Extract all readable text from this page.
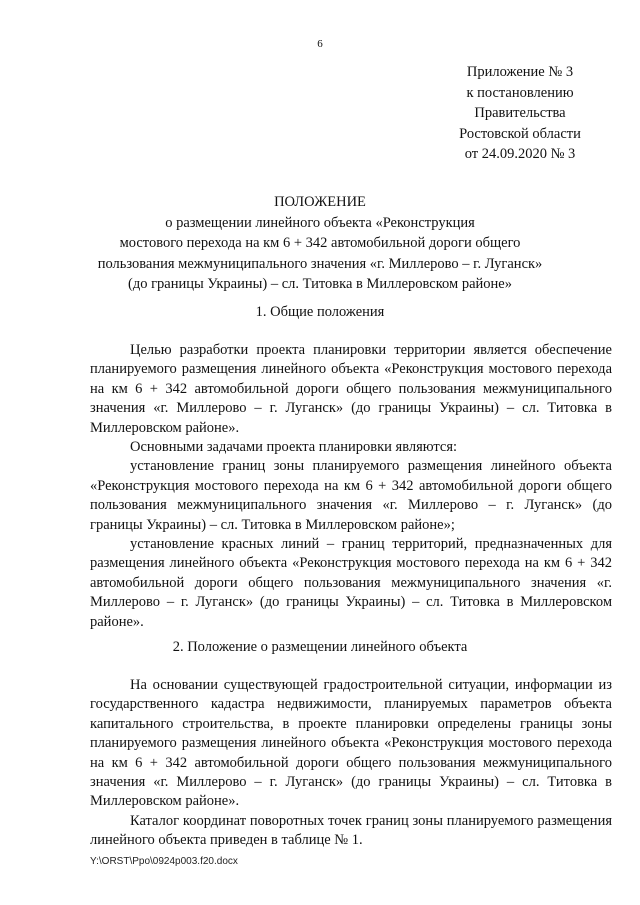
6
Приложение № 3
к постановлению
Правительства
Ростовской области
от 24.09.2020 № 3
ПОЛОЖЕНИЕ
о размещении линейного объекта «Реконструкция
мостового перехода на км 6 + 342 автомобильной дороги общего
пользования межмуниципального значения «г. Миллерово – г. Луганск»
(до границы Украины) – сл. Титовка в Миллеровском районе»
1. Общие положения

Целью разработки проекта планировки территории является обеспечение планируемого размещения линейного объекта «Реконструкция мостового перехода на км 6 + 342 автомобильной дороги общего пользования межмуниципального значения «г. Миллерово – г. Луганск» (до границы Украины) – сл. Титовка в Миллеровском районе».

Основными задачами проекта планировки являются:

установление границ зоны планируемого размещения линейного объекта «Реконструкция мостового перехода на км 6 + 342 автомобильной дороги общего пользования межмуниципального значения «г. Миллерово – г. Луганск» (до границы Украины) – сл. Титовка в Миллеровском районе»;

установление красных линий – границ территорий, предназначенных для размещения линейного объекта «Реконструкция мостового перехода на км 6 + 342 автомобильной дороги общего пользования межмуниципального значения «г. Миллерово – г. Луганск» (до границы Украины) – сл. Титовка в Миллеровском районе».

2. Положение о размещении линейного объекта

На основании существующей градостроительной ситуации, информации из государственного кадастра недвижимости, планируемых параметров объекта капитального строительства, в проекте планировки определены границы зоны планируемого размещения линейного объекта «Реконструкция мостового перехода на км 6 + 342 автомобильной дороги общего пользования межмуниципального значения «г. Миллерово – г. Луганск» (до границы Украины) – сл. Титовка в Миллеровском районе».

Каталог координат поворотных точек границ зоны планируемого размещения линейного объекта приведен в таблице № 1.

Y:\ORST\Ppo\0924p003.f20.docx
